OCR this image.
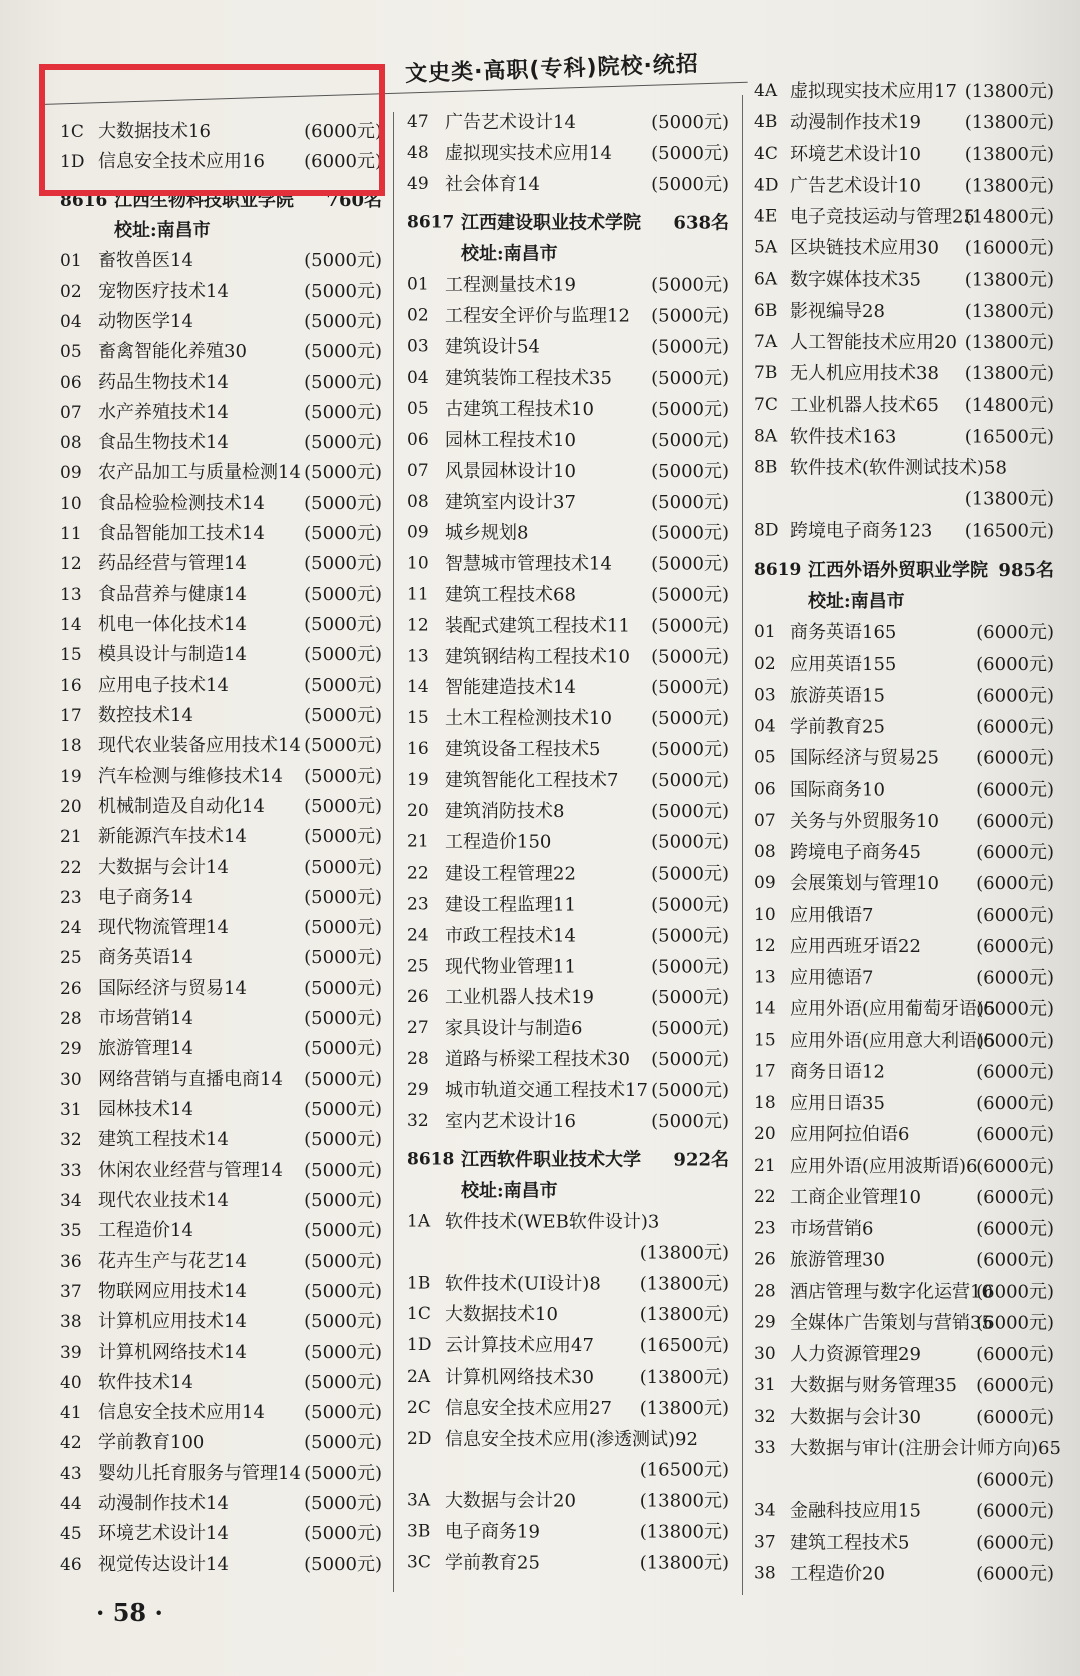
文史类·高职(专科)院校·统招
1C 大数据技术16	(6000元)
1D 信息安全技术应用16 (6000元)
8616 江西生物科技职业学院 760名
校址:南昌市
01 畜牧兽医14	(5000元)
02 宠物医疗技术14	(5000元)
04 动物医学14	(5000元)
05 畜禽智能化养殖30	(5000元)
06 药品生物技术14	(5000元)
07 水产养殖技术14	(5000元)
08 食品生物技术14	(5000元)
09 农产品加工与质量检测14 (5000元)
10 食品检验检测技术14 (5000元)
11 食品智能加工技术14 (5000元)
12 药品经营与管理14	(5000元)
13 食品营养与健康14	(5000元)
14 机电一体化技术14	(5000元)
15 模具设计与制造14	(5000元)
16 应用电子技术14	(5000元)
17 数控技术14	(5000元)
18 现代农业装备应用技术14 (5000元)
19 汽车检测与维修技术14 (5000元)
20 机械制造及自动化14 (5000元)
21 新能源汽车技术14	(5000元)
22 大数据与会计14	(5000元)
23 电子商务14	(5000元)
24 现代物流管理14	(5000元)
25 商务英语14	(5000元)
26 国际经济与贸易14	(5000元)
28 市场营销14	(5000元)
29 旅游管理14	(5000元)
30 网络营销与直播电商14 (5000元)
31 园林技术14	(5000元)
32 建筑工程技术14	(5000元)
33 休闲农业经营与管理14 (5000元)
34 现代农业技术14	(5000元)
35 工程造价14	(5000元)
36 花卉生产与花艺14	(5000元)
37 物联网应用技术14	(5000元)
38 计算机应用技术14	(5000元)
39 计算机网络技术14	(5000元)
40 软件技术14	(5000元)
41 信息安全技术应用14 (5000元)
42 学前教育100	(5000元)
43 婴幼儿托育服务与管理14 (5000元)
44 动漫制作技术14	(5000元)
45 环境艺术设计14	(5000元)
46 视觉传达设计14	(5000元)
47 广告艺术设计14	(5000元)
48 虚拟现实技术应用14 (5000元)
49 社会体育14	(5000元)
8617 江西建设职业技术学院 638名
校址:南昌市
01 工程测量技术19	(5000元)
02 工程安全评价与监理12 (5000元)
03 建筑设计54	(5000元)
04 建筑装饰工程技术35 (5000元)
05 古建筑工程技术10	(5000元)
06 园林工程技术10	(5000元)
07 风景园林设计10	(5000元)
08 建筑室内设计37	(5000元)
09 城乡规划8	(5000元)
10 智慧城市管理技术14 (5000元)
11 建筑工程技术68	(5000元)
12 装配式建筑工程技术11 (5000元)
13 建筑钢结构工程技术10 (5000元)
14 智能建造技术14	(5000元)
15 土木工程检测技术10 (5000元)
16 建筑设备工程技术5	(5000元)
19 建筑智能化工程技术7 (5000元)
20 建筑消防技术8	(5000元)
21 工程造价150	(5000元)
22 建设工程管理22	(5000元)
23 建设工程监理11	(5000元)
24 市政工程技术14	(5000元)
25 现代物业管理11	(5000元)
26 工业机器人技术19	(5000元)
27 家具设计与制造6	(5000元)
28 道路与桥梁工程技术30 (5000元)
29 城市轨道交通工程技术17 (5000元)
32 室内艺术设计16	(5000元)
8618 江西软件职业技术大学 922名
校址:南昌市
1A 软件技术(WEB软件设计)3
(13800元)
1B 软件技术(UI设计)8 (13800元)
1C 大数据技术10	(13800元)
1D 云计算技术应用47	(16500元)
2A 计算机网络技术30	(13800元)
2C 信息安全技术应用27 (13800元)
2D 信息安全技术应用(渗透测试)92
(16500元)
3A 大数据与会计20	(13800元)
3B 电子商务19	(13800元)
3C 学前教育25	(13800元)
4A 虚拟现实技术应用17 (13800元)
4B 动漫制作技术19 (13800元)
4C 环境艺术设计10 (13800元)
4D 广告艺术设计10 (13800元)
4E 电子竞技运动与管理25
(14800元)
5A 区块链技术应用30 (16000元)
6A 数字媒体技术35 (13800元)
6B 影视编导28	(13800元)
7A 人工智能技术应用20 (13800元)
7B 无人机应用技术38 (13800元)
7C 工业机器人技术65 (14800元)
8A 软件技术163	(16500元)
8B 软件技术(软件测试技术)58
(13800元)
8D 跨境电子商务123 (16500元)
8619 江西外语外贸职业学院 985名
校址:南昌市
01 商务英语165	(6000元)
02 应用英语155	(6000元)
03 旅游英语15	(6000元)
04 学前教育25	(6000元)
05 国际经济与贸易25 (6000元)
06 国际商务10	(6000元)
07 关务与外贸服务10 (6000元)
08 跨境电子商务45	(6000元)
09 会展策划与管理10 (6000元)
10 应用俄语7	(6000元)
12 应用西班牙语22	(6000元)
13 应用德语7	(6000元)
14 应用外语(应用葡萄牙语)5
(6000元)
15 应用外语(应用意大利语)5
(6000元)
17 商务日语12	(6000元)
18 应用日语35	(6000元)
20 应用阿拉伯语6	(6000元)
21 应用外语(应用波斯语)6
(6000元)
22 工商企业管理10	(6000元)
23 市场营销6	(6000元)
26 旅游管理30	(6000元)
28 酒店管理与数字化运营10
(6000元)
29 全媒体广告策划与营销35
(6000元)
30 人力资源管理29	(6000元)
31 大数据与财务管理35 (6000元)
32 大数据与会计30	(6000元)
33 大数据与审计(注册会计师方向)65
(6000元)
34 金融科技应用15	(6000元)
37 建筑工程技术5	(6000元)
38 工程造价20	(6000元)
· 58 ·
